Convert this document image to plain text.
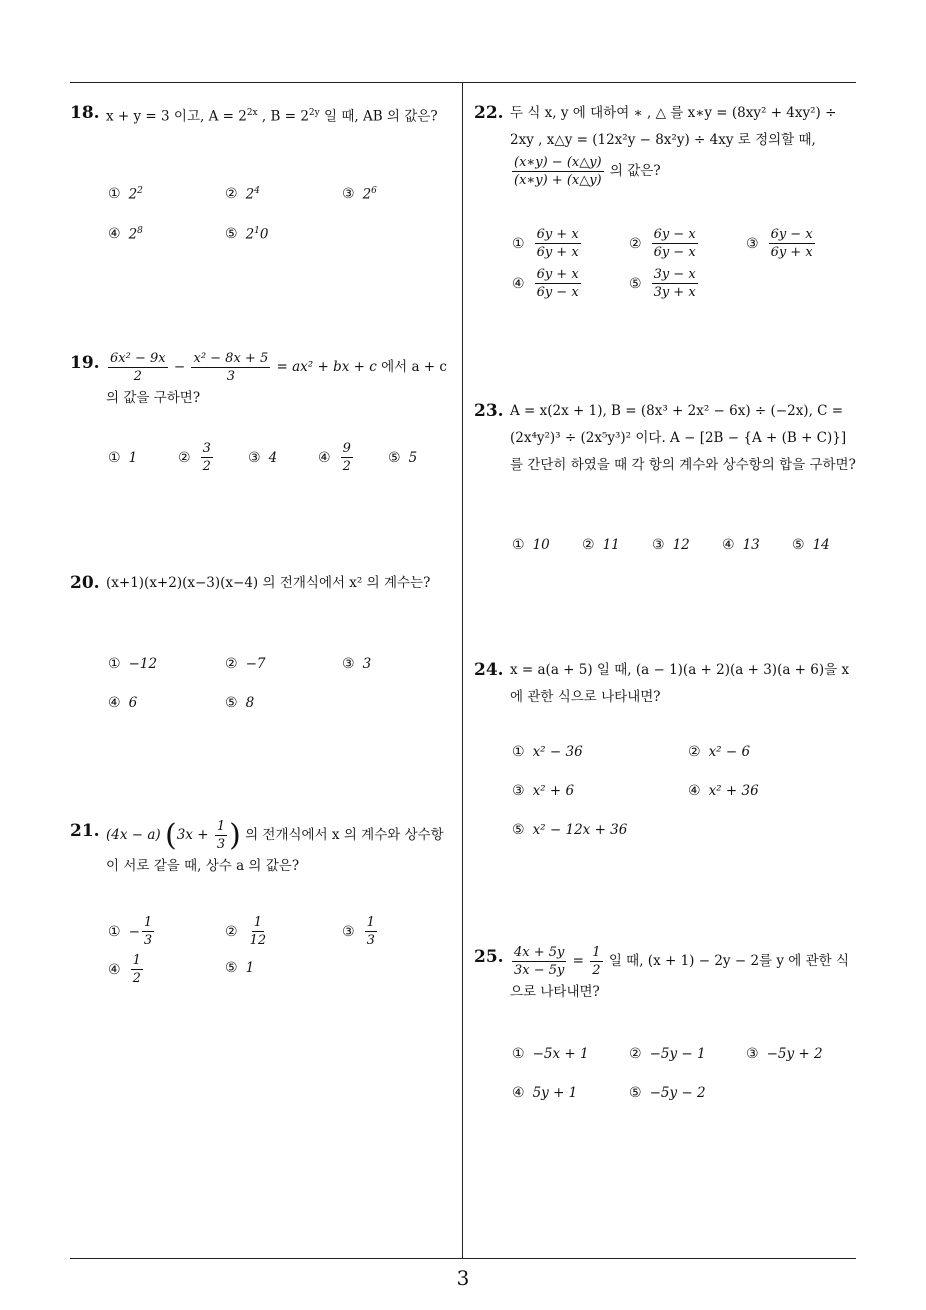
3
18. x + y = 3 이고, $A = 2^{2x}$ , $B = 2^{2y}$ 일 때, AB 의 값은?
① $2^2$	② $2^4$	③ $2^6$
④ $2^8$	⑤ $2^10$
19. $\frac{\text{6x² − 9x}}{2} - \frac{\text{x² − 8x + 5}}{3} = ax^2$ + bx + c 에서 a + c 의 값을 구하면?
① 1	② $\frac{3}{2}$	③ 4	④ $\frac{9}{2}$	⑤ 5
20. (x+1)(x+2)(x−3)(x−4) 의 전개식에서 x² 의 계수는?
① −12	② −7	③ 3
④ 6	⑤ 8
21. (4x − a) ($3x + \frac{1}{3}$ ) 의 전개식에서 x 의 계수와 상수항이 서로 같을 때, 상수 a 의 값은?
① − $\frac{1}{3}$	② $\frac{1}{12}$	③ $\frac{1}{3}$
④ $\frac{1}{2}$	⑤ 1
22. 두 식 x, y 에 대하여 ∗ , △ 를 x∗y = (8xy² + 4xy²) ÷ 2xy , x△y = (12x²y − 8x²y) ÷ 4xy 로 정의할 때,
$\frac{(x∗y) - (x\triangle y)}{(x∗y) + (x\triangle y)}$ 의 값은?
① $\frac{6y + x}{6y + x}$	② $\frac{6y - x}{6y - x}$	③ $\frac{6y - x}{6y + x}$
④ $\frac{6y + x}{6y - x}$	⑤ $\frac{3y - x}{3y + x}$
23. A = x(2x + 1), B = (8x³ + 2x² − 6x) ÷ (−2x), C = (2x⁴y²)³ ÷ (2x⁵y³)² 이다. A − [2B − {A + (B + C)}] 를 간단히 하였을 때 각 항의 계수와 상수항의 합을 구하면?
① 10 ② 11 ③ 12 ④ 13 ⑤ 14
24. x = a(a + 5) 일 때, (a − 1)(a + 2)(a + 3)(a + 6)을 x 에 관한 식으로 나타내면?
① x² − 36	② x² − 6
③ x² + 6	④ x² + 36
⑤ x² − 12x + 36
25. $\frac{4x + 5y}{3x - 5y} = \frac{1}{2}$ 일 때, (x + 1) − 2y − 2를 y 에 관한 식으로 나타내면?
① −5x + 1	② −5y − 1	③ −5y + 2
④ 5y + 1	⑤ −5y − 2
